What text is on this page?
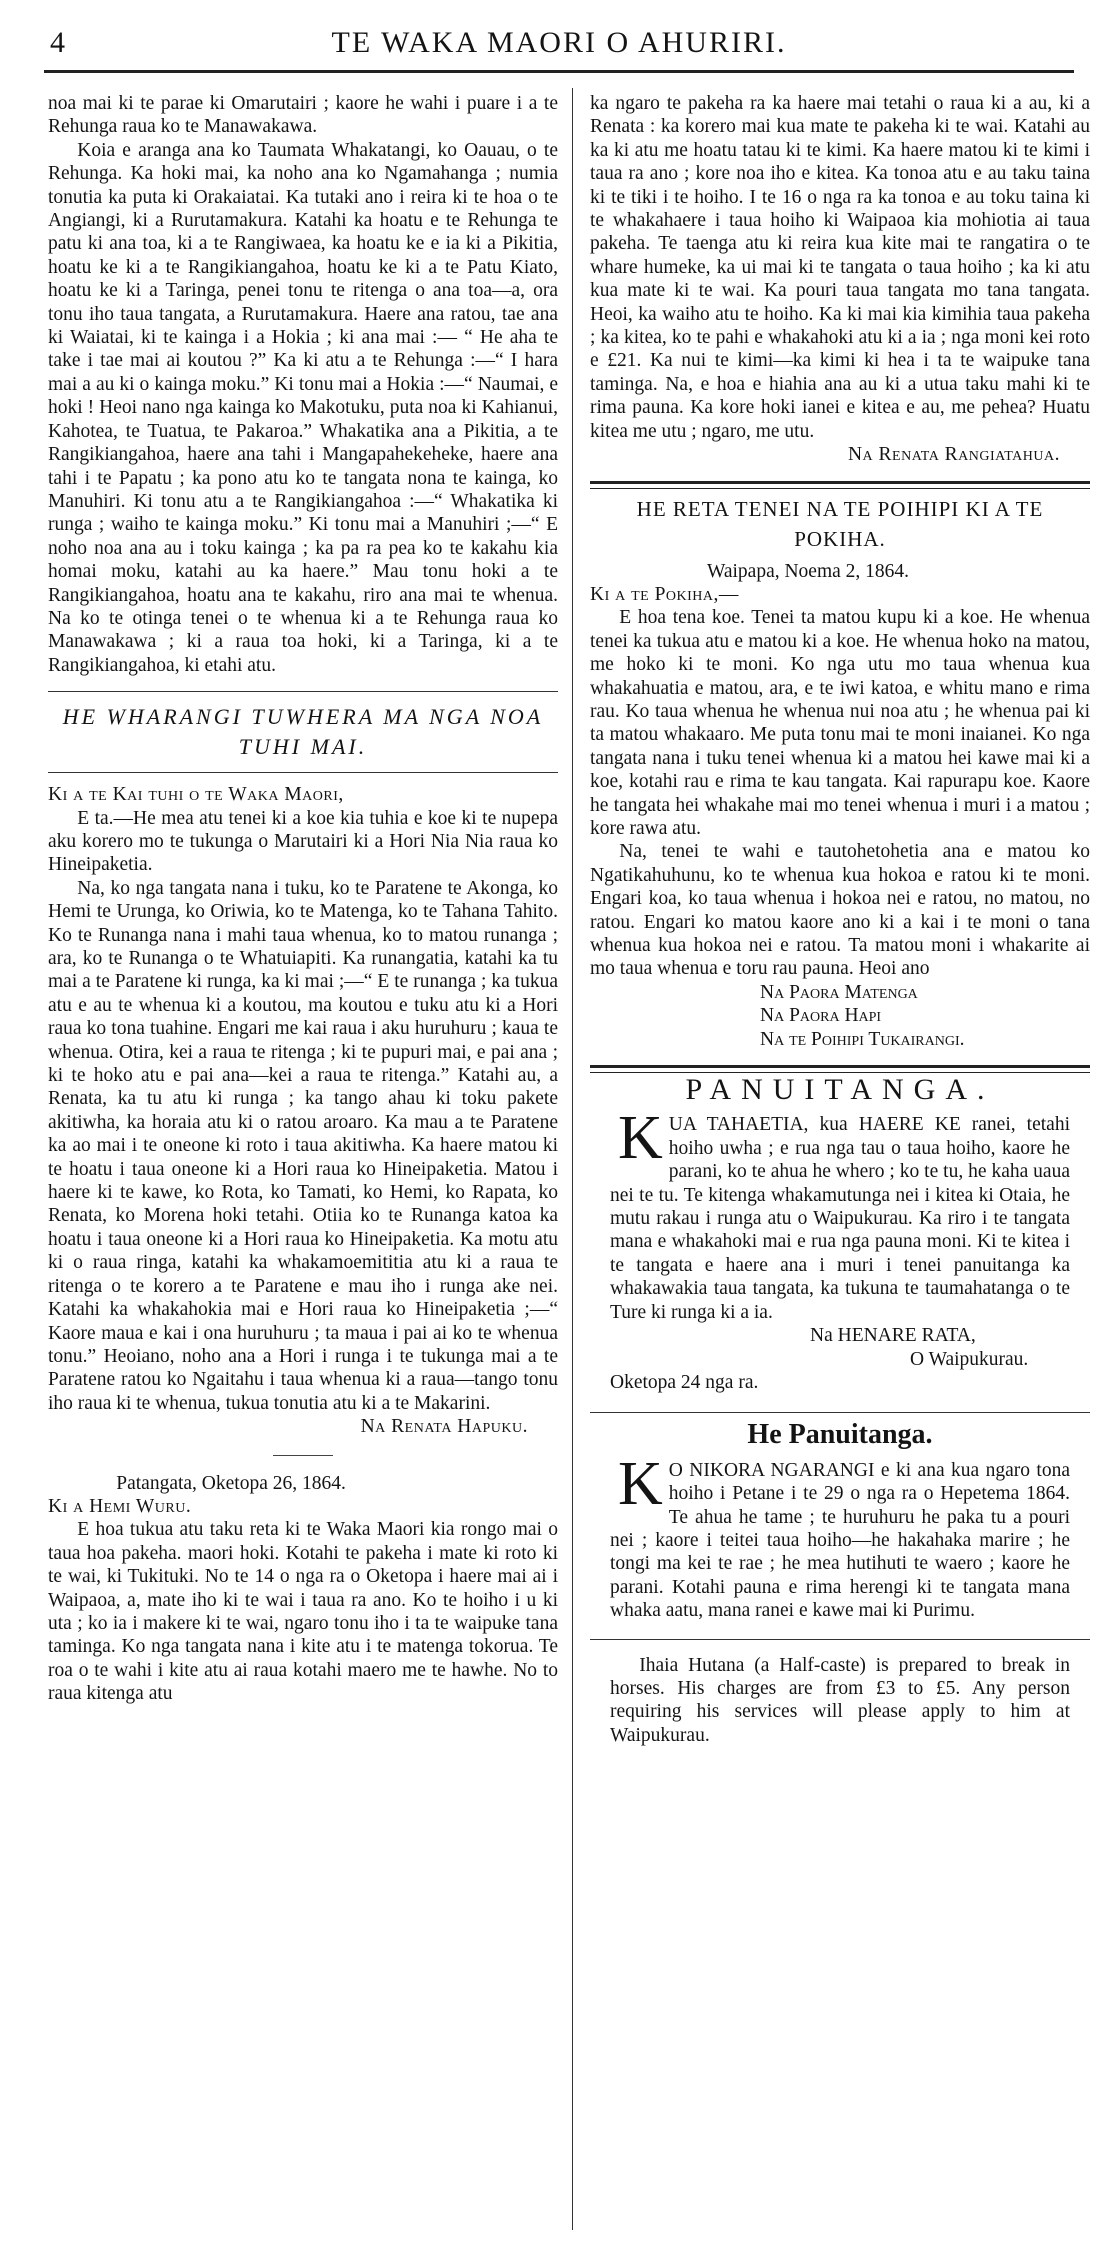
4	TE WAKA MAORI O AHURIRI.

noa mai ki te parae ki Omarutairi ; kaore he wahi i puare i a te Rehunga raua ko te Manawakawa.

Koia e aranga ana ko Taumata Whakatangi, ko Oauau, o te Rehunga. Ka hoki mai, ka noho ana ko Ngamahanga ; numia tonutia ka puta ki Orakaiatai. Ka tutaki ano i reira ki te hoa o te Angiangi, ki a Rurutamakura. Katahi ka hoatu e te Rehunga te patu ki ana toa, ki a te Rangiwaea, ka hoatu ke e ia ki a Pikitia, hoatu ke ki a te Rangikiangahoa, hoatu ke ki a te Patu Kiato, hoatu ke ki a Taringa, penei tonu te ritenga o ana toa—a, ora tonu iho taua tangata, a Rurutamakura. Haere ana ratou, tae ana ki Waiatai, ki te kainga i a Hokia ; ki ana mai :— “ He aha te take i tae mai ai koutou ?” Ka ki atu a te Rehunga :—“ I hara mai a au ki o kainga moku.” Ki tonu mai a Hokia :—“ Naumai, e hoki ! Heoi nano nga kainga ko Makotuku, puta noa ki Kahianui, Kahotea, te Tuatua, te Pakaroa.” Whakatika ana a Pikitia, a te Rangikiangahoa, haere ana tahi i Mangapahekeheke, haere ana tahi i te Papatu ; ka pono atu ko te tangata nona te kainga, ko Manuhiri. Ki tonu atu a te Rangikiangahoa :—“ Whakatika ki runga ; waiho te kainga moku.” Ki tonu mai a Manuhiri ;—“ E noho noa ana au i toku kainga ; ka pa ra pea ko te kakahu kia homai moku, katahi au ka haere.” Mau tonu hoki a te Rangikiangahoa, hoatu ana te kakahu, riro ana mai te whenua. Na ko te otinga tenei o te whenua ki a te Rehunga raua ko Manawakawa ; ki a raua toa hoki, ki a Taringa, ki a te Rangikiangahoa, ki etahi atu.

HE WHARANGI TUWHERA MA NGA NOA TUHI MAI.

Ki a te Kai tuhi o te Waka Maori,

E ta.—He mea atu tenei ki a koe kia tuhia e koe ki te nupepa aku korero mo te tukunga o Marutairi ki a Hori Nia Nia raua ko Hineipaketia.

Na, ko nga tangata nana i tuku, ko te Paratene te Akonga, ko Hemi te Urunga, ko Oriwia, ko te Matenga, ko te Tahana Tahito. Ko te Runanga nana i mahi taua whenua, ko to matou runanga ; ara, ko te Runanga o te Whatuiapiti. Ka runangatia, katahi ka tu mai a te Paratene ki runga, ka ki mai ;—“ E te runanga ; ka tukua atu e au te whenua ki a koutou, ma koutou e tuku atu ki a Hori raua ko tona tuahine. Engari me kai raua i aku huruhuru ; kaua te whenua. Otira, kei a raua te ritenga ; ki te pupuri mai, e pai ana ; ki te hoko atu e pai ana—kei a raua te ritenga.” Katahi au, a Renata, ka tu atu ki runga ; ka tango ahau ki toku pakete akitiwha, ka horaia atu ki o ratou aroaro. Ka mau a te Paratene ka ao mai i te oneone ki roto i taua akitiwha. Ka haere matou ki te hoatu i taua oneone ki a Hori raua ko Hineipaketia. Matou i haere ki te kawe, ko Rota, ko Tamati, ko Hemi, ko Rapata, ko Renata, ko Morena hoki tetahi. Otiia ko te Runanga katoa ka hoatu i taua oneone ki a Hori raua ko Hineipaketia. Ka motu atu ki o raua ringa, katahi ka whakamoemititia atu ki a raua te ritenga o te korero a te Paratene e mau iho i runga ake nei. Katahi ka whakahokia mai e Hori raua ko Hineipaketia ;—“ Kaore maua e kai i ona huruhuru ; ta maua i pai ai ko te whenua tonu.” Heoiano, noho ana a Hori i runga i te tukunga mai a te Paratene ratou ko Ngaitahu i taua whenua ki a raua—tango tonu iho raua ki te whenua, tukua tonutia atu ki a te Makarini.

Na Renata Hapuku.

Patangata, Oketopa 26, 1864.

Ki a Hemi Wuru.

E hoa tukua atu taku reta ki te Waka Maori kia rongo mai o taua hoa pakeha. maori hoki. Kotahi te pakeha i mate ki roto ki te wai, ki Tukituki. No te 14 o nga ra o Oketopa i haere mai ai i Waipaoa, a, mate iho ki te wai i taua ra ano. Ko te hoiho i u ki uta ; ko ia i makere ki te wai, ngaro tonu iho i ta te waipuke tana taminga. Ko nga tangata nana i kite atu i te matenga tokorua. Te roa o te wahi i kite atu ai raua kotahi maero me te hawhe. No to raua kitenga atu

ka ngaro te pakeha ra ka haere mai tetahi o raua ki a au, ki a Renata : ka korero mai kua mate te pakeha ki te wai. Katahi au ka ki atu me hoatu tatau ki te kimi. Ka haere matou ki te kimi i taua ra ano ; kore noa iho e kitea. Ka tonoa atu e au taku taina ki te tiki i te hoiho. I te 16 o nga ra ka tonoa e au toku taina ki te whakahaere i taua hoiho ki Waipaoa kia mohiotia ai taua pakeha. Te taenga atu ki reira kua kite mai te rangatira o te whare humeke, ka ui mai ki te tangata o taua hoiho ; ka ki atu kua mate ki te wai. Ka pouri taua tangata mo tana tangata. Heoi, ka waiho atu te hoiho. Ka ki mai kia kimihia taua pakeha ; ka kitea, ko te pahi e whakahoki atu ki a ia ; nga moni kei roto e £21. Ka nui te kimi—ka kimi ki hea i ta te waipuke tana taminga. Na, e hoa e hiahia ana au ki a utua taku mahi ki te rima pauna. Ka kore hoki ianei e kitea e au, me pehea? Huatu kitea me utu ; ngaro, me utu.

Na Renata Rangiatahua.

HE RETA TENEI NA TE POIHIPI KI A TE POKIHA.

Waipapa, Noema 2, 1864.

Ki a te Pokiha,—

E hoa tena koe. Tenei ta matou kupu ki a koe. He whenua tenei ka tukua atu e matou ki a koe. He whenua hoko na matou, me hoko ki te moni. Ko nga utu mo taua whenua kua whakahuatia e matou, ara, e te iwi katoa, e whitu mano e rima rau. Ko taua whenua he whenua nui noa atu ; he whenua pai ki ta matou whakaaro. Me puta tonu mai te moni inaianei. Ko nga tangata nana i tuku tenei whenua ki a matou hei kawe mai ki a koe, kotahi rau e rima te kau tangata. Kai rapurapu koe. Kaore he tangata hei whakahe mai mo tenei whenua i muri i a matou ; kore rawa atu.

Na, tenei te wahi e tautohetohetia ana e matou ko Ngatikahuhunu, ko te whenua kua hokoa e ratou ki te moni. Engari koa, ko taua whenua i hokoa nei e ratou, no matou, no ratou. Engari ko matou kaore ano ki a kai i te moni o tana whenua kua hokoa nei e ratou. Ta matou moni i whakarite ai mo taua whenua e toru rau pauna. Heoi ano

Na Paora Matenga

Na Paora Hapi

Na te Poihipi Tukairangi.

PANUITANGA.
K UA TAHAETIA, kua HAERE KE ranei, tetahi hoiho uwha ; e rua nga tau o taua hoiho, kaore he parani, ko te ahua he whero ; ko te tu, he kaha uaua nei te tu. Te kitenga whakamutunga nei i kitea ki Otaia, he mutu rakau i runga atu o Waipukurau. Ka riro i te tangata mana e whakahoki mai e rua nga pauna moni. Ki te kitea i te tangata e haere ana i muri i tenei panuitanga ka whakawakia taua tangata, ka tukuna te taumahatanga o te Ture ki runga ki a ia.

Na HENARE RATA,

O Waipukurau.

Oketopa 24 nga ra.

He Panuitanga.
K O NIKORA NGARANGI e ki ana kua ngaro tona hoiho i Petane i te 29 o nga ra o Hepetema 1864. Te ahua he tame ; te huruhuru he paka tu a pouri nei ; kaore i teitei taua hoiho—he hakahaka marire ; he tongi ma kei te rae ; he mea hutihuti te waero ; kaore he parani. Kotahi pauna e rima herengi ki te tangata mana whaka aatu, mana ranei e kawe mai ki Purimu.

Ihaia Hutana (a Half-caste) is prepared to break in horses. His charges are from £3 to £5. Any person requiring his services will please apply to him at Waipukurau.
